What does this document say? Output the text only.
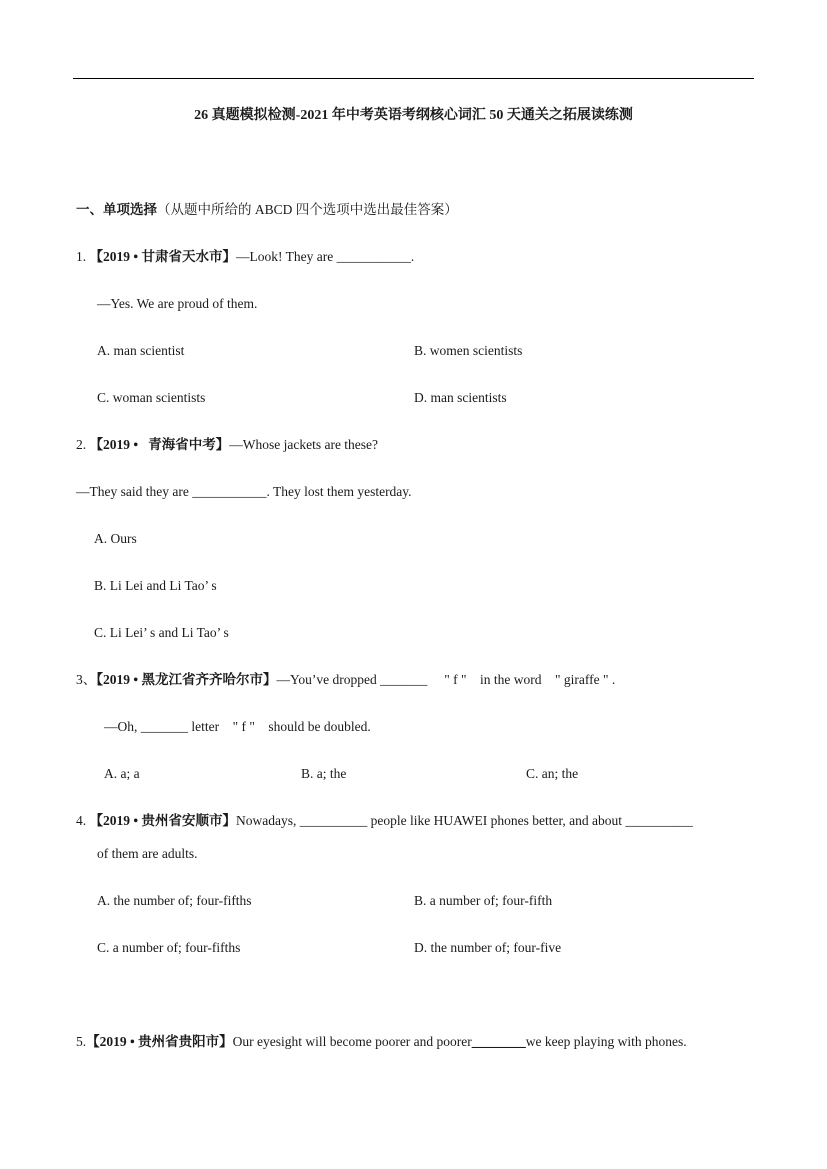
26 真题模拟检测-2021 年中考英语考纲核心词汇 50 天通关之拓展读练测
一、单项选择（从题中所给的 ABCD 四个选项中选出最佳答案）
1. 【2019 • 甘肃省天水市】—Look! They are ___________.
—Yes. We are proud of them.
A. man scientist	B. women scientists
C. woman scientists	D. man scientists
2. 【2019 •   青海省中考】—Whose jackets are these?
—They said they are ___________. They lost them yesterday.
A. Ours
B. Li Lei and Li Tao’ s
C. Li Lei’ s and Li Tao’ s
3、【2019 • 黑龙江省齐齐哈尔市】—You’ve dropped _______     " f "    in the word    " giraffe " .
—Oh, _______ letter    " f "    should be doubled.
A. a; a	B. a; the	C. an; the
4. 【2019 • 贵州省安顺市】Nowadays, __________ people like HUAWEI phones better, and about __________
of them are adults.
A. the number of; four-fifths	B. a number of; four-fifth
C. a number of; four-fifths	D. the number of; four-five
5.【2019 • 贵州省贵阳市】Our eyesight will become poorer and poorer________we keep playing with phones.
